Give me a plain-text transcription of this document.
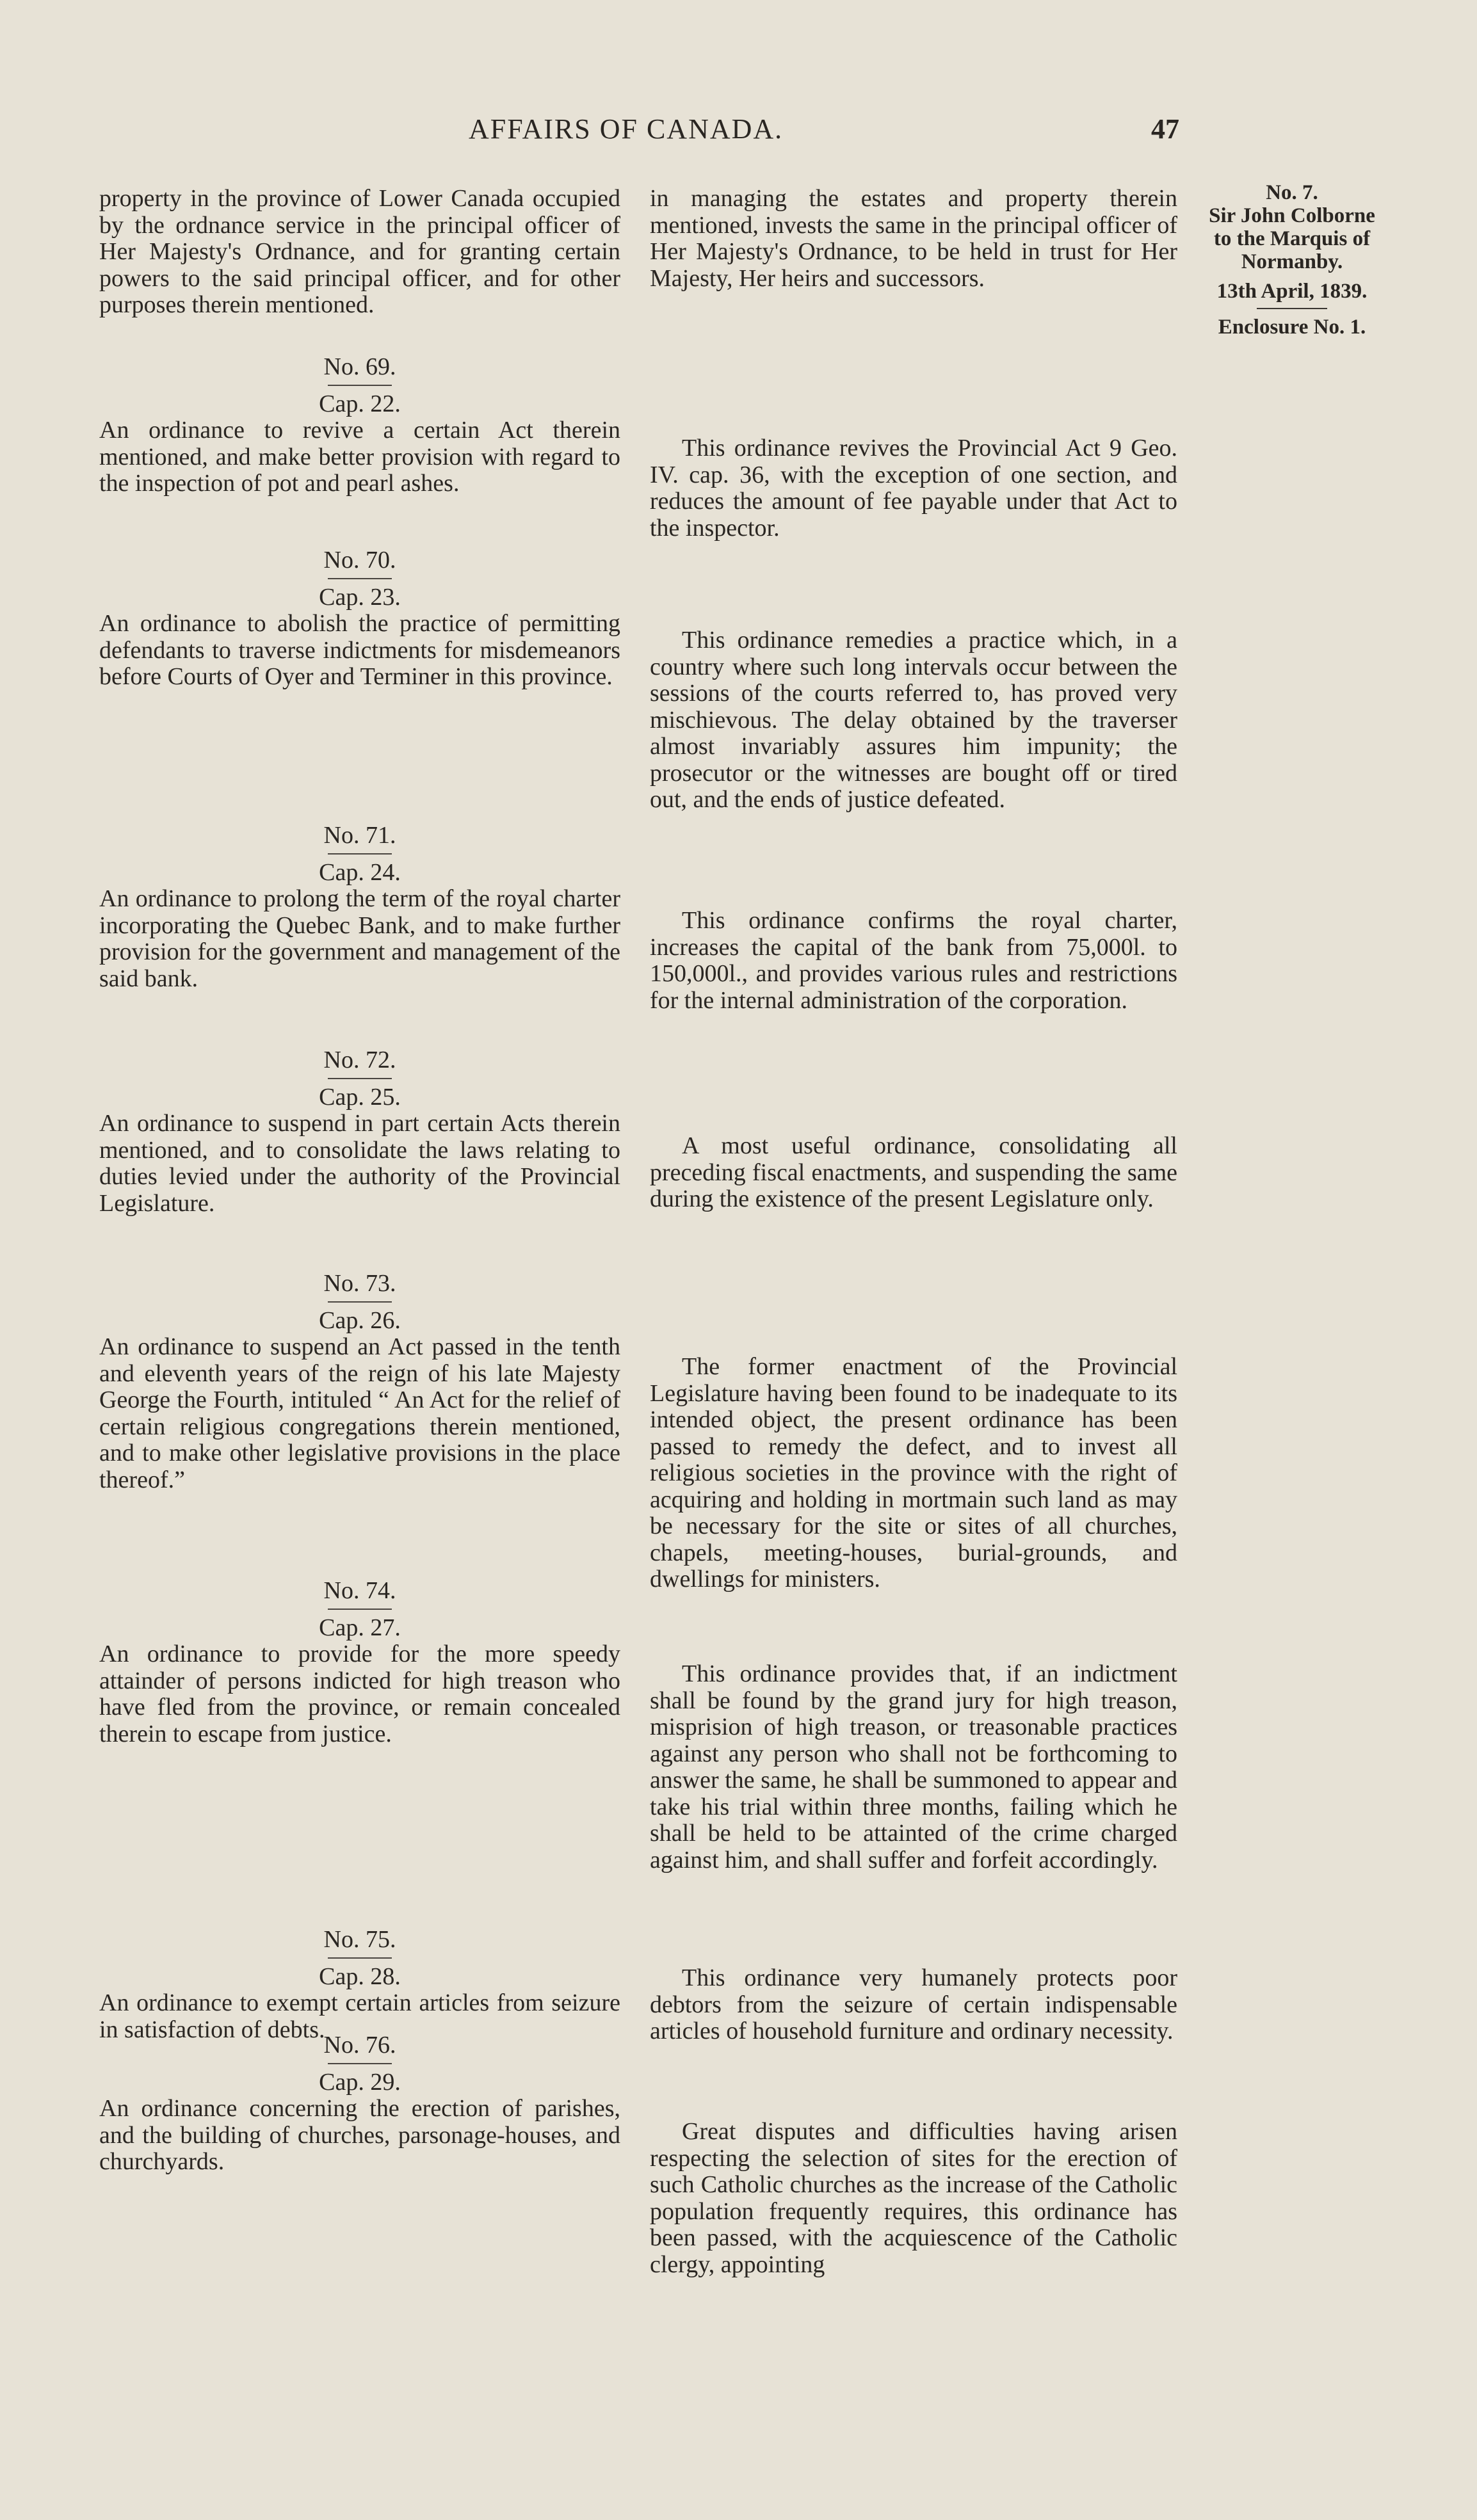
AFFAIRS OF CANADA.	47
No. 7.
Sir John Colborne
to the Marquis of
Normanby.
13th April, 1839.
Enclosure No. 1.

property in the province of Lower Canada occupied by the ordnance service in the principal officer of Her Majesty's Ordnance, and for granting certain powers to the said principal officer, and for other purposes therein mentioned.

No. 69.

Cap. 22.

An ordinance to revive a certain Act therein mentioned, and make better provision with regard to the inspection of pot and pearl ashes.

No. 70.

Cap. 23.

An ordinance to abolish the practice of permitting defendants to traverse indictments for misdemeanors before Courts of Oyer and Terminer in this province.

No. 71.

Cap. 24.

An ordinance to prolong the term of the royal charter incorporating the Quebec Bank, and to make further provision for the government and management of the said bank.

No. 72.

Cap. 25.

An ordinance to suspend in part certain Acts therein mentioned, and to consolidate the laws relating to duties levied under the authority of the Provincial Legislature.

No. 73.

Cap. 26.

An ordinance to suspend an Act passed in the tenth and eleventh years of the reign of his late Majesty George the Fourth, intituled “ An Act for the relief of certain religious congregations therein mentioned, and to make other legislative provisions in the place thereof.”

No. 74.

Cap. 27.

An ordinance to provide for the more speedy attainder of persons indicted for high treason who have fled from the province, or remain concealed therein to escape from justice.

No. 75.

Cap. 28.

An ordinance to exempt certain articles from seizure in satisfaction of debts.

No. 76.

Cap. 29.

An ordinance concerning the erection of parishes, and the building of churches, parsonage-houses, and churchyards.

in managing the estates and property therein mentioned, invests the same in the principal officer of Her Majesty's Ordnance, to be held in trust for Her Majesty, Her heirs and successors.

This ordinance revives the Provincial Act 9 Geo. IV. cap. 36, with the exception of one section, and reduces the amount of fee payable under that Act to the inspector.

This ordinance remedies a practice which, in a country where such long intervals occur between the sessions of the courts referred to, has proved very mischievous. The delay obtained by the traverser almost invariably assures him impunity; the prosecutor or the witnesses are bought off or tired out, and the ends of justice defeated.

This ordinance confirms the royal charter, increases the capital of the bank from 75,000l. to 150,000l., and provides various rules and restrictions for the internal administration of the corporation.

A most useful ordinance, consolidating all preceding fiscal enactments, and suspending the same during the existence of the present Legislature only.

The former enactment of the Provincial Legislature having been found to be inadequate to its intended object, the present ordinance has been passed to remedy the defect, and to invest all religious societies in the province with the right of acquiring and holding in mortmain such land as may be necessary for the site or sites of all churches, chapels, meeting-houses, burial-grounds, and dwellings for ministers.

This ordinance provides that, if an indictment shall be found by the grand jury for high treason, misprision of high treason, or treasonable practices against any person who shall not be forthcoming to answer the same, he shall be summoned to appear and take his trial within three months, failing which he shall be held to be attainted of the crime charged against him, and shall suffer and forfeit accordingly.

This ordinance very humanely protects poor debtors from the seizure of certain indispensable articles of household furniture and ordinary necessity.

Great disputes and difficulties having arisen respecting the selection of sites for the erection of such Catholic churches as the increase of the Catholic population frequently requires, this ordinance has been passed, with the acquiescence of the Catholic clergy, appointing
